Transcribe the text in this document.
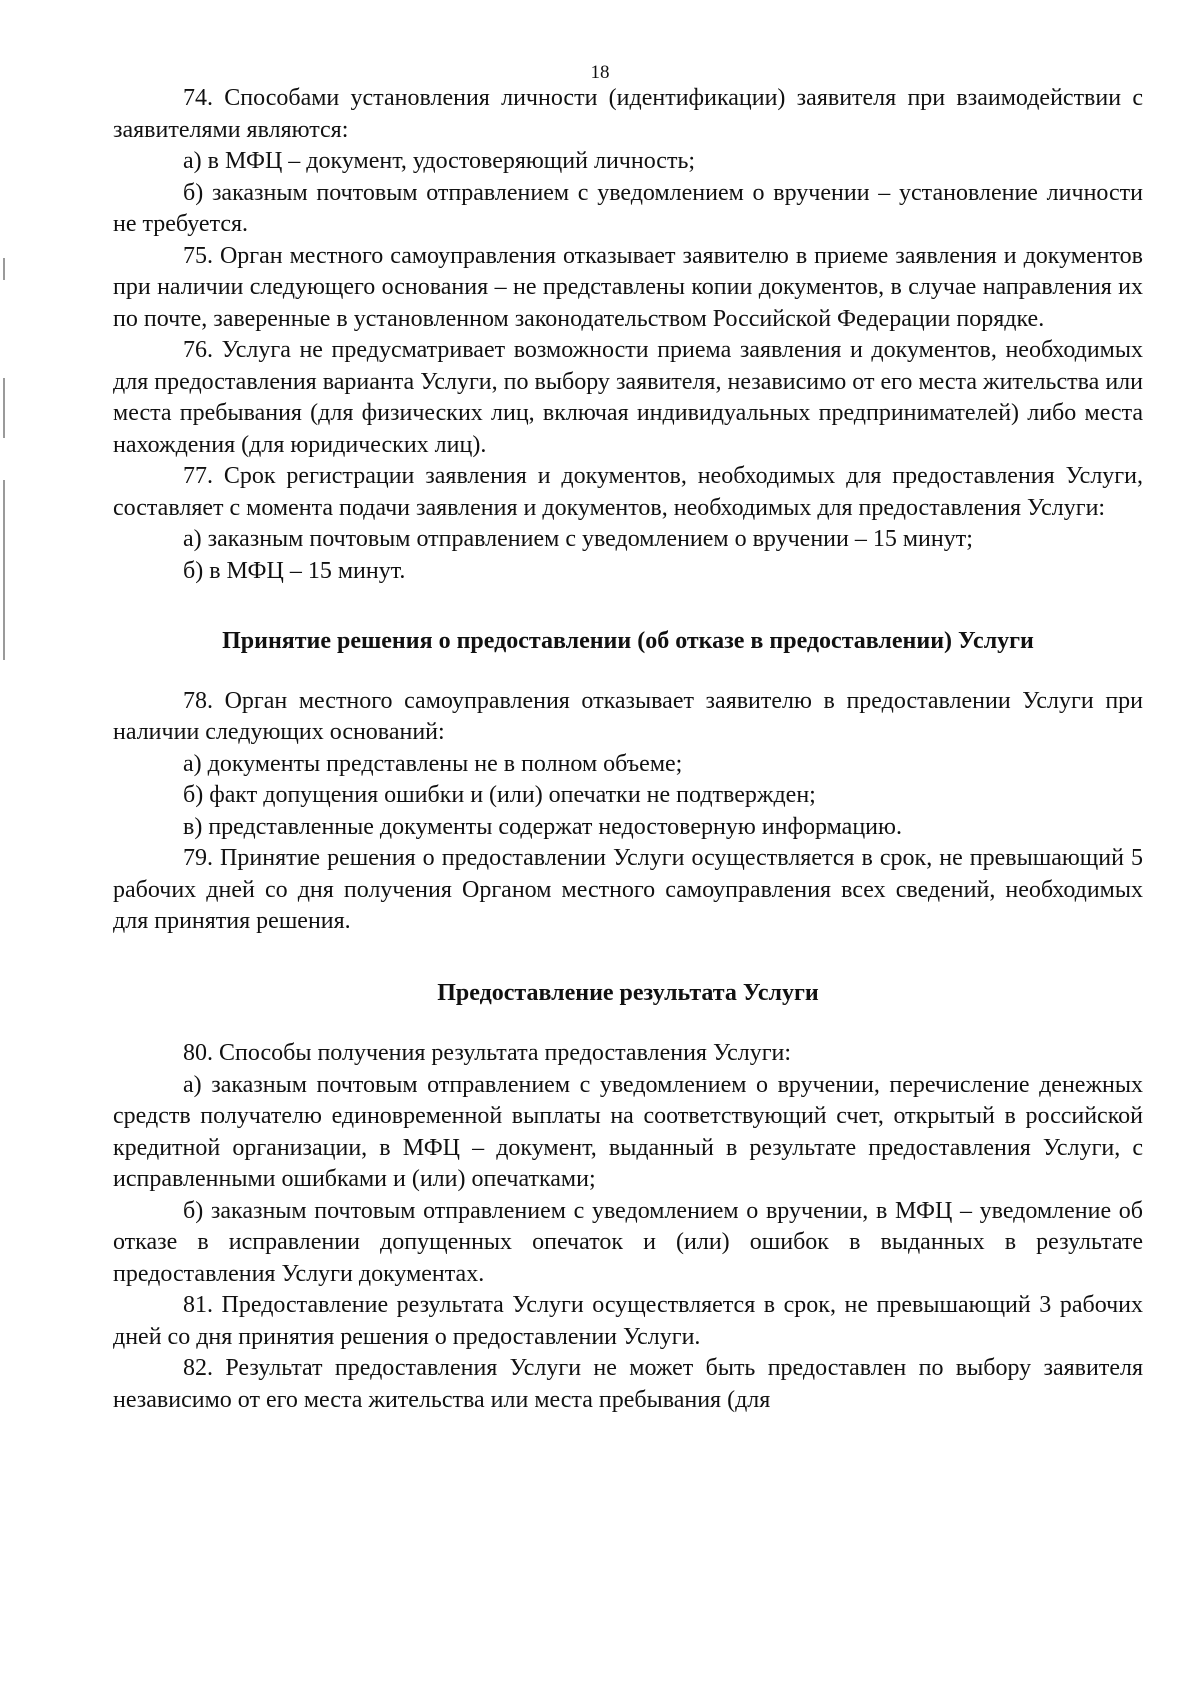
18

74. Способами установления личности (идентификации) заявителя при взаимодействии с заявителями являются:

а) в МФЦ – документ, удостоверяющий личность;

б) заказным почтовым отправлением с уведомлением о вручении – установление личности не требуется.

75. Орган местного самоуправления отказывает заявителю в приеме заявления и документов при наличии следующего основания – не представлены копии документов, в случае направления их по почте, заверенные в установленном законодательством Российской Федерации порядке.

76. Услуга не предусматривает возможности приема заявления и документов, необходимых для предоставления варианта Услуги, по выбору заявителя, независимо от его места жительства или места пребывания (для физических лиц, включая индивидуальных предпринимателей) либо места нахождения (для юридических лиц).

77. Срок регистрации заявления и документов, необходимых для предоставления Услуги, составляет с момента подачи заявления и документов, необходимых для предоставления Услуги:

а) заказным почтовым отправлением с уведомлением о вручении – 15 минут;

б) в МФЦ – 15 минут.

Принятие решения о предоставлении (об отказе в предоставлении) Услуги

78. Орган местного самоуправления отказывает заявителю в предоставлении Услуги при наличии следующих оснований:

а) документы представлены не в полном объеме;

б) факт допущения ошибки и (или) опечатки не подтвержден;

в) представленные документы содержат недостоверную информацию.

79. Принятие решения о предоставлении Услуги осуществляется в срок, не превышающий 5 рабочих дней со дня получения Органом местного самоуправления всех сведений, необходимых для принятия решения.

Предоставление результата Услуги

80. Способы получения результата предоставления Услуги:

а) заказным почтовым отправлением с уведомлением о вручении, перечисление денежных средств получателю единовременной выплаты на соответствующий счет, открытый в российской кредитной организации, в МФЦ – документ, выданный в результате предоставления Услуги, с исправленными ошибками и (или) опечатками;

б) заказным почтовым отправлением с уведомлением о вручении, в МФЦ – уведомление об отказе в исправлении допущенных опечаток и (или) ошибок в выданных в результате предоставления Услуги документах.

81. Предоставление результата Услуги осуществляется в срок, не превышающий 3 рабочих дней со дня принятия решения о предоставлении Услуги.

82. Результат предоставления Услуги не может быть предоставлен по выбору заявителя независимо от его места жительства или места пребывания (для
